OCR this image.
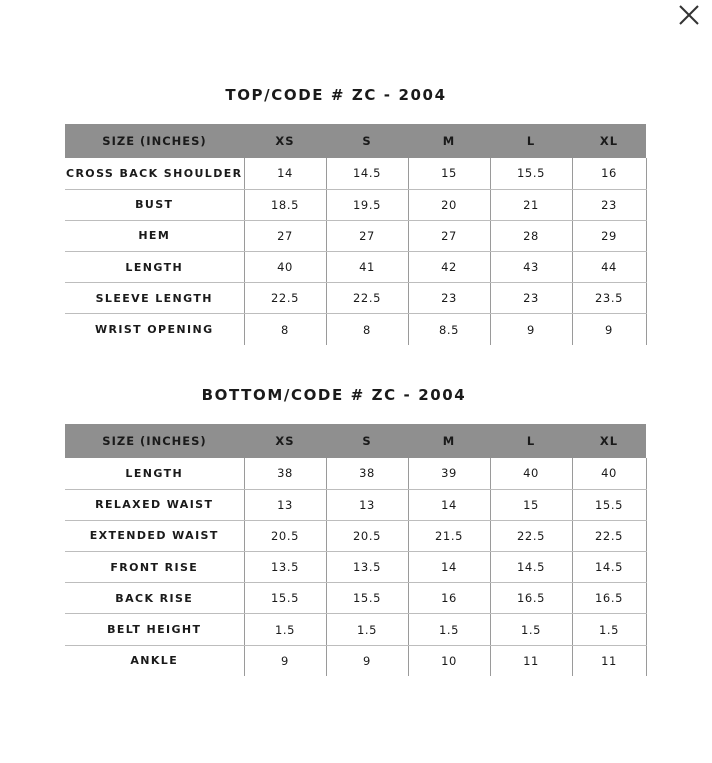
TOP/CODE # ZC - 2004
SIZE (INCHES)	XS	S	M	L	XL
CROSS BACK SHOULDER	14	14.5	15	15.5	16
BUST	18.5	19.5	20	21	23
HEM	27	27	27	28	29
LENGTH	40	41	42	43	44
SLEEVE LENGTH	22.5	22.5	23	23	23.5
WRIST OPENING	8	8	8.5	9	9
BOTTOM/CODE # ZC - 2004
SIZE (INCHES)	XS	S	M	L	XL
LENGTH	38	38	39	40	40
RELAXED WAIST	13	13	14	15	15.5
EXTENDED WAIST	20.5	20.5	21.5	22.5	22.5
FRONT RISE	13.5	13.5	14	14.5	14.5
BACK RISE	15.5	15.5	16	16.5	16.5
BELT HEIGHT	1.5	1.5	1.5	1.5	1.5
ANKLE	9	9	10	11	11
